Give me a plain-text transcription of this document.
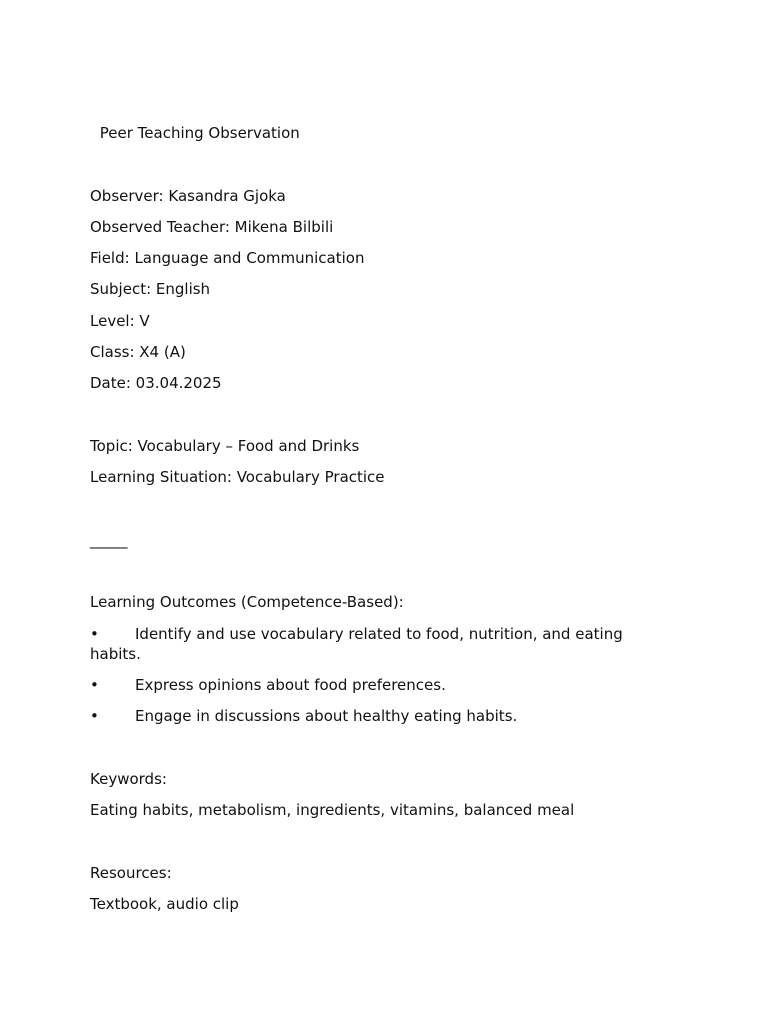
Peer Teaching Observation
Observer: Kasandra Gjoka
Observed Teacher: Mikena Bilbili
Field: Language and Communication
Subject: English
Level: V
Class: X4 (A)
Date: 03.04.2025
Topic: Vocabulary – Food and Drinks
Learning Situation: Vocabulary Practice
_____
Learning Outcomes (Competence-Based):
• Identify and use vocabulary related to food, nutrition, and eating habits.
• Express opinions about food preferences.
• Engage in discussions about healthy eating habits.
Keywords:
Eating habits, metabolism, ingredients, vitamins, balanced meal
Resources:
Textbook, audio clip
